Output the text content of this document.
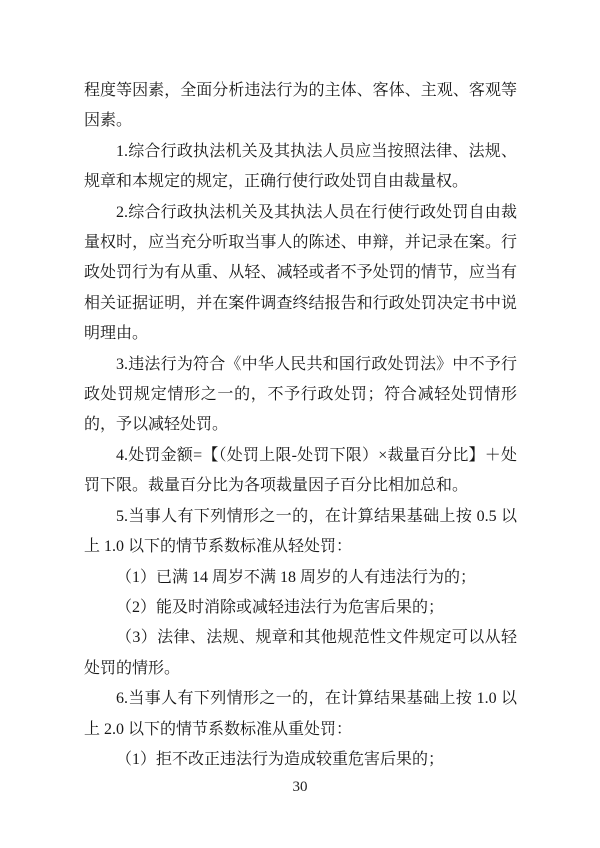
程度等因素，全面分析违法行为的主体、客体、主观、客观等因素。

1.综合行政执法机关及其执法人员应当按照法律、法规、规章和本规定的规定，正确行使行政处罚自由裁量权。

2.综合行政执法机关及其执法人员在行使行政处罚自由裁量权时，应当充分听取当事人的陈述、申辩，并记录在案。行政处罚行为有从重、从轻、减轻或者不予处罚的情节，应当有相关证据证明，并在案件调查终结报告和行政处罚决定书中说明理由。

3.违法行为符合《中华人民共和国行政处罚法》中不予行政处罚规定情形之一的，不予行政处罚；符合减轻处罚情形的，予以减轻处罚。

4.处罚金额=【（处罚上限-处罚下限）×裁量百分比】＋处罚下限。裁量百分比为各项裁量因子百分比相加总和。

5.当事人有下列情形之一的，在计算结果基础上按 0.5 以上 1.0 以下的情节系数标准从轻处罚：

（1）已满 14 周岁不满 18 周岁的人有违法行为的；

（2）能及时消除或减轻违法行为危害后果的；

（3）法律、法规、规章和其他规范性文件规定可以从轻处罚的情形。

6.当事人有下列情形之一的，在计算结果基础上按 1.0 以上 2.0 以下的情节系数标准从重处罚：

（1）拒不改正违法行为造成较重危害后果的；

30
